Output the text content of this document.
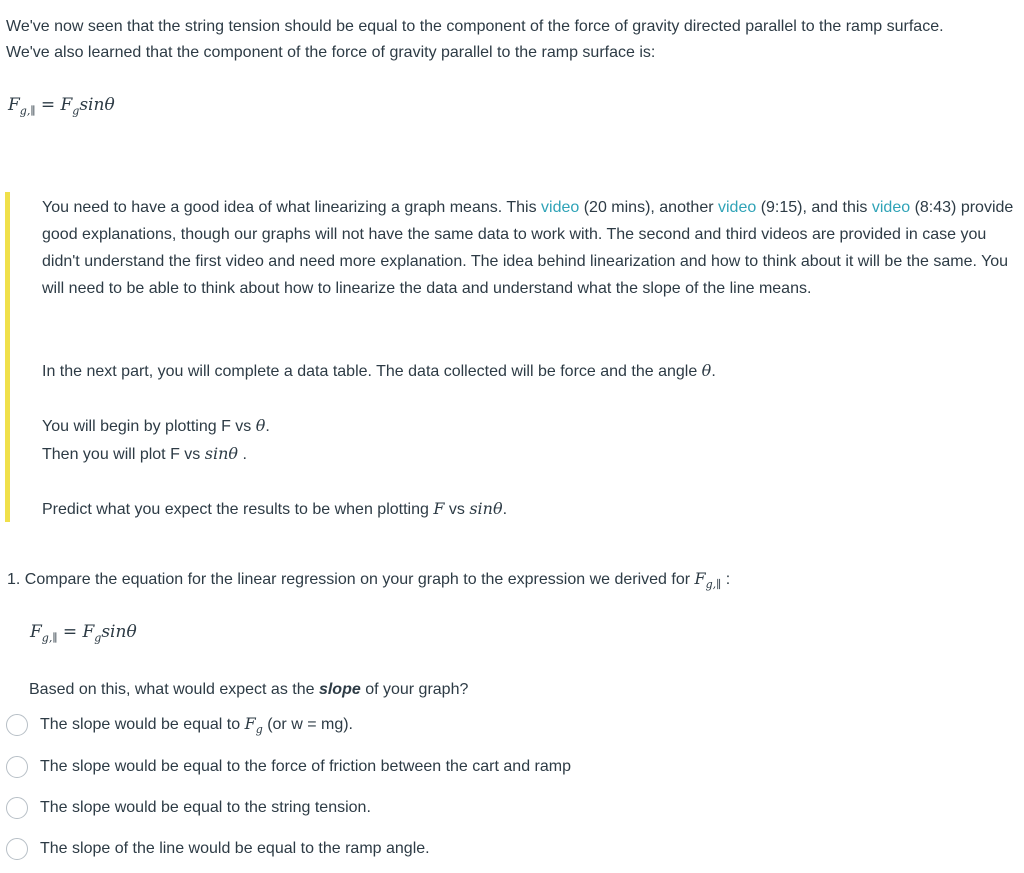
We've now seen that the string tension should be equal to the component of the force of gravity directed parallel to the ramp surface.
We've also learned that the component of the force of gravity parallel to the ramp surface is:
$F_{g,\parallel} = F_g\sin\theta$

You need to have a good idea of what linearizing a graph means. This video (20 mins), another video (9:15), and this video (8:43) provide good explanations, though our graphs will not have the same data to work with. The second and third videos are provided in case you didn't understand the first video and need more explanation. The idea behind linearization and how to think about it will be the same. You will need to be able to think about how to linearize the data and understand what the slope of the line means.

In the next part, you will complete a data table. The data collected will be force and the angle θ.

You will begin by plotting F vs θ.

Then you will plot F vs sinθ .

Predict what you expect the results to be when plotting F vs sinθ.

1. Compare the equation for the linear regression on your graph to the expression we derived for $F_{g,\parallel}$ :
$F_{g,\parallel} = F_g\sin\theta$
Based on this, what would expect as the slope of your graph?
The slope would be equal to $F_g$ (or w = mg).
The slope would be equal to the force of friction between the cart and ramp
The slope would be equal to the string tension.
The slope of the line would be equal to the ramp angle.
